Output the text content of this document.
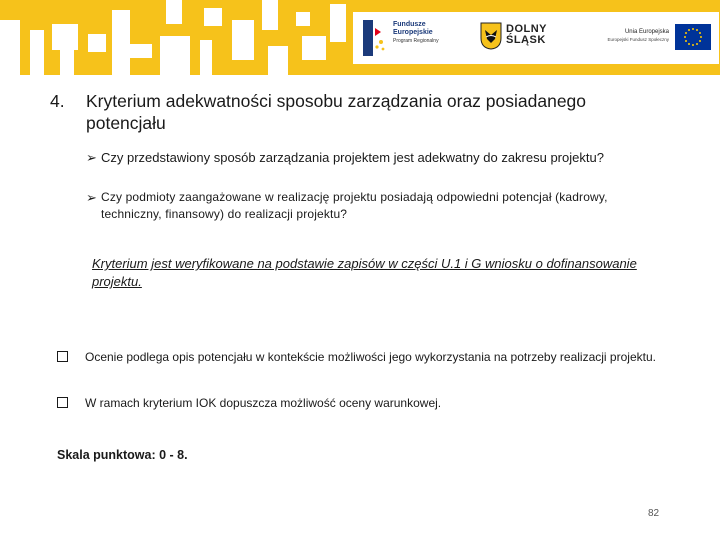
Fundusze
Europejskie
Program Regionalny
DOLNY
ŚLĄSK
Unia Europejska
Europejski Fundusz Społeczny
4. Kryterium adekwatności sposobu zarządzania oraz posiadanego potencjału
➢ Czy przedstawiony sposób zarządzania projektem jest adekwatny do zakresu projektu?
➢ Czy podmioty zaangażowane w realizację projektu posiadają odpowiedni potencjał (kadrowy, techniczny, finansowy) do realizacji projektu?
Kryterium jest weryfikowane na podstawie zapisów w części U.1 i G wniosku o dofinansowanie projektu.
Ocenie podlega opis potencjału w kontekście możliwości jego wykorzystania na potrzeby realizacji projektu.
W ramach kryterium IOK dopuszcza możliwość oceny warunkowej.
Skala punktowa: 0 - 8.
82
